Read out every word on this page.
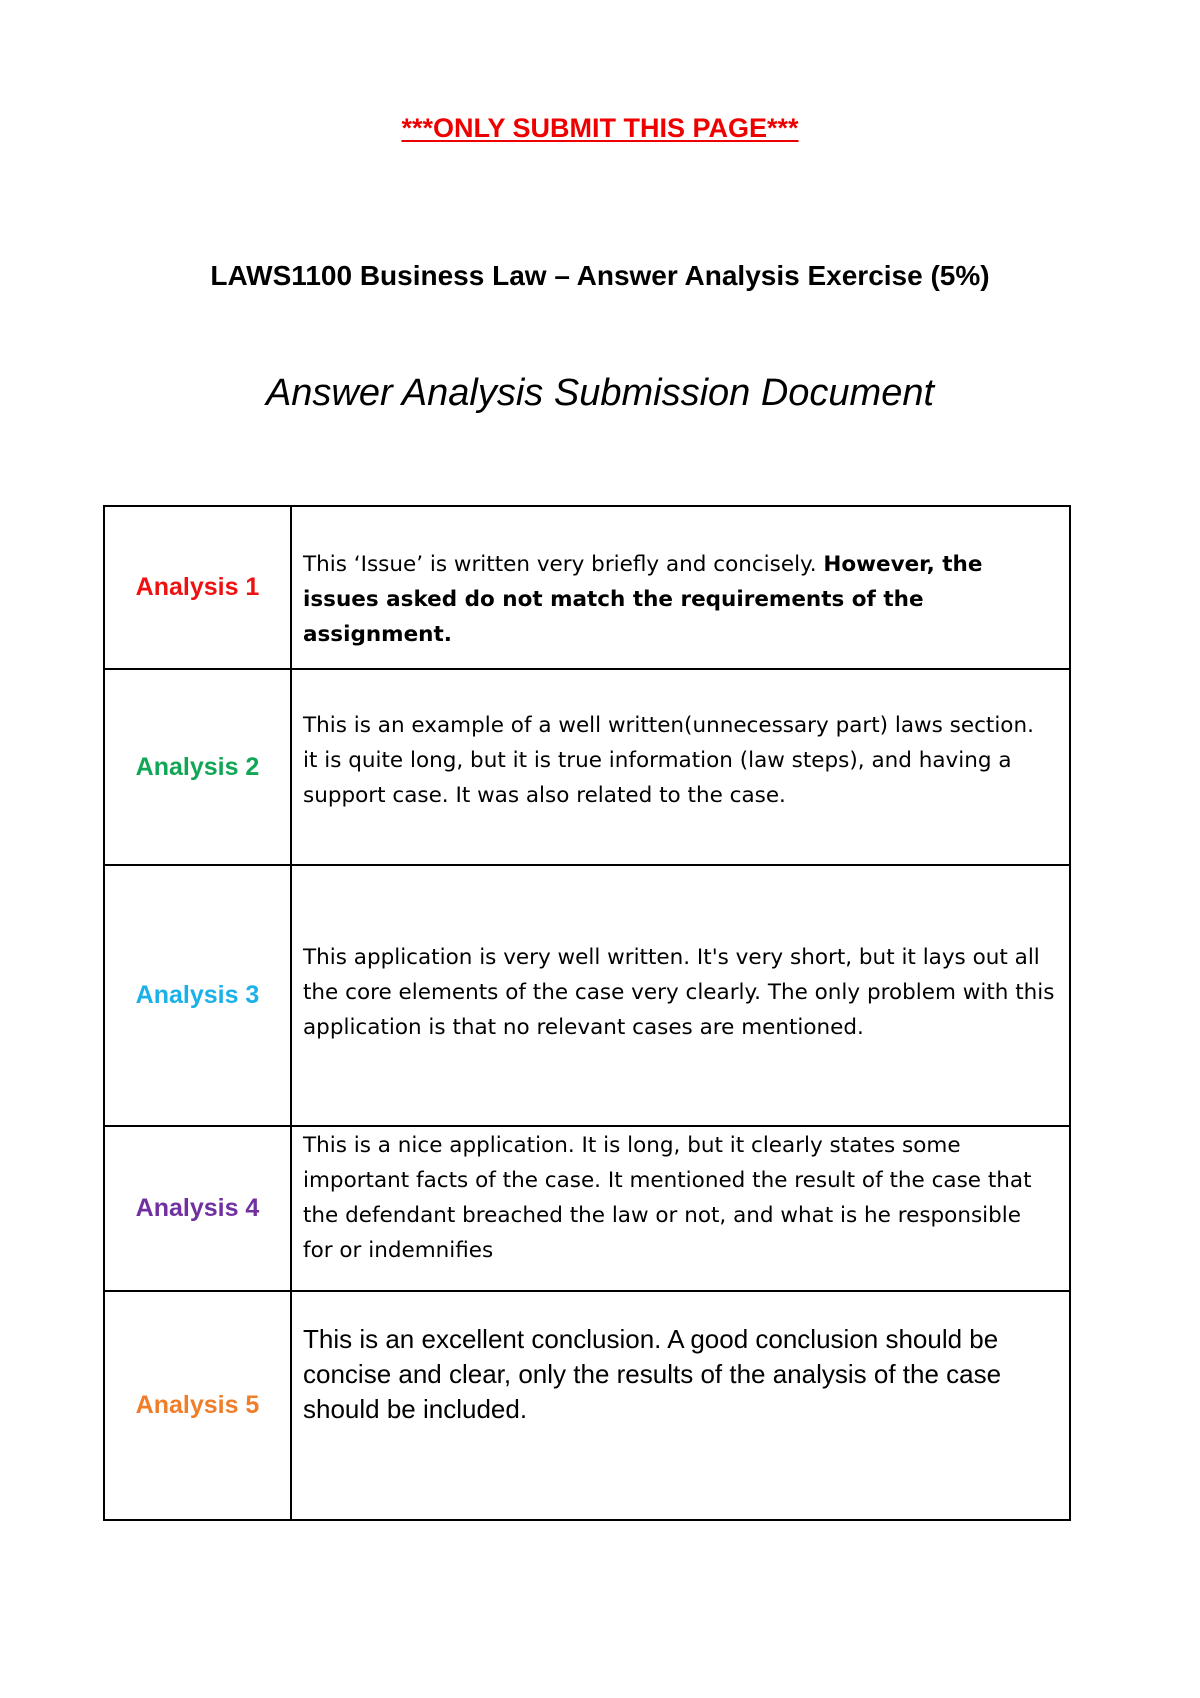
***ONLY SUBMIT THIS PAGE***
LAWS1100 Business Law – Answer Analysis Exercise (5%)
Answer Analysis Submission Document
Analysis 1	This ‘Issue’ is written very briefly and concisely. However, the issues asked do not match the requirements of the assignment.

Analysis 2	This is an example of a well written(unnecessary part) laws section. it is quite long, but it is true information (law steps), and having a support case. It was also related to the case.

Analysis 3	This application is very well written. It's very short, but it lays out all the core elements of the case very clearly. The only problem with this application is that no relevant cases are mentioned.

Analysis 4	This is a nice application. It is long, but it clearly states some important facts of the case. It mentioned the result of the case that the defendant breached the law or not, and what is he responsible for or indemnifies

Analysis 5	This is an excellent conclusion. A good conclusion should be concise and clear, only the results of the analysis of the case should be included.
